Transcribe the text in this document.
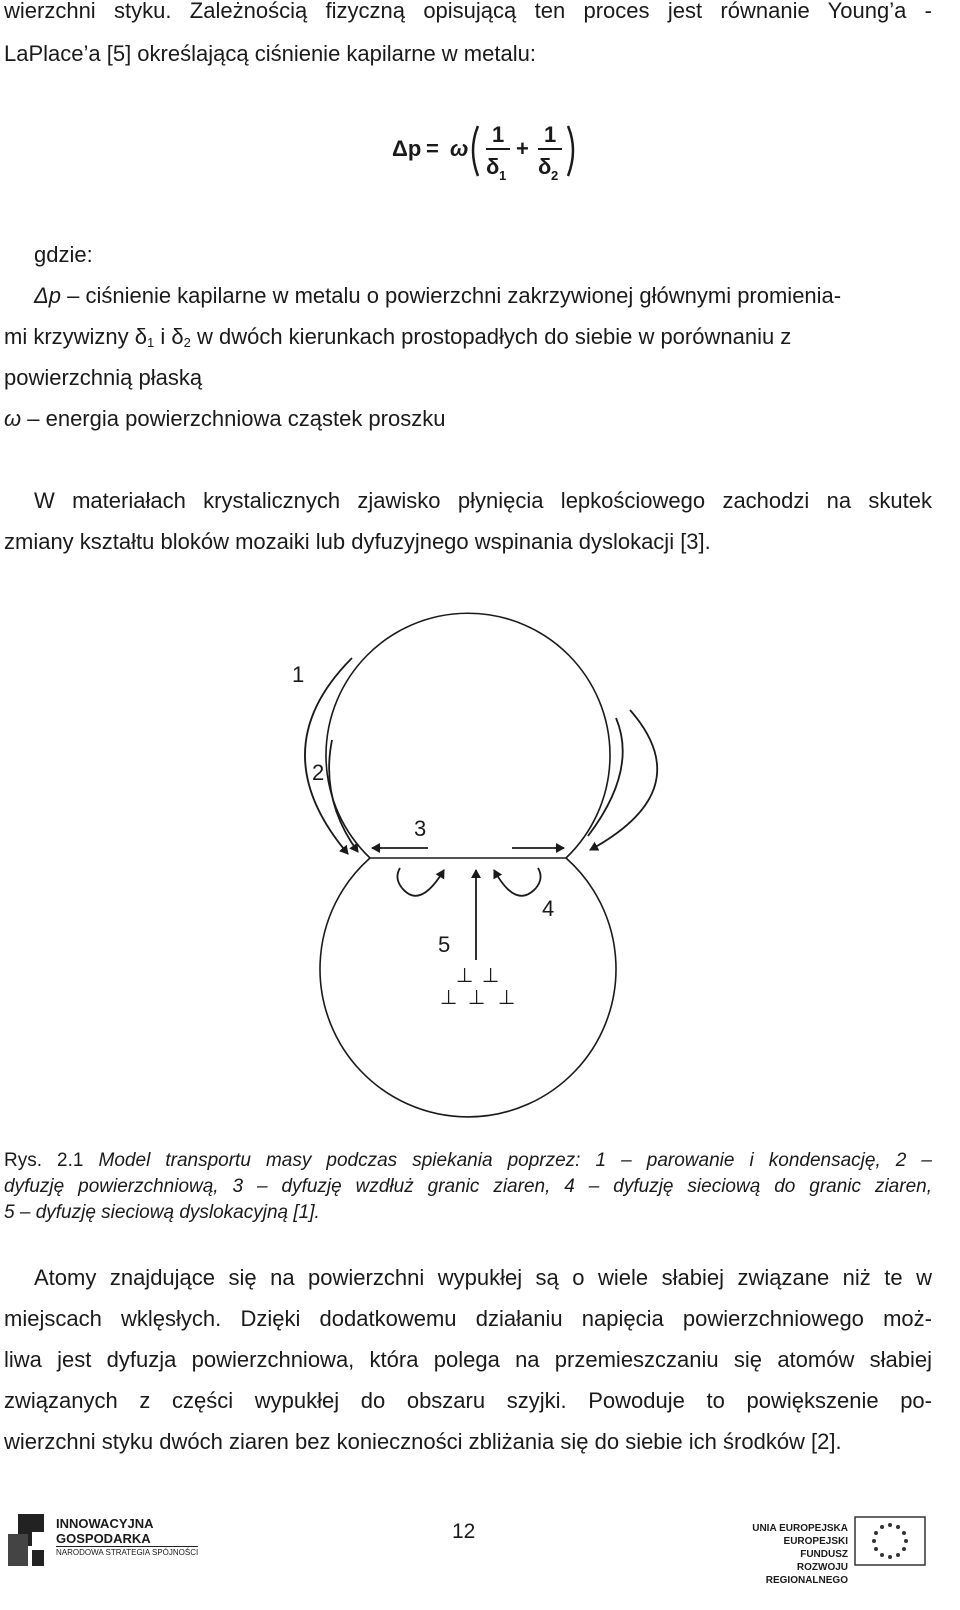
wierzchni styku. Zależnością fizyczną opisującą ten proces jest równanie Young’a -
LaPlace’a [5] określającą ciśnienie kapilarne w metalu:
Δp = ω
1
δ 1
+
1
δ 2
gdzie:
Δp – ciśnienie kapilarne w metalu o powierzchni zakrzywionej głównymi promienia-
mi krzywizny $\delta_1$ i $\delta_2$ w dwóch kierunkach prostopadłych do siebie w porównaniu z
powierzchnią płaską
ω – energia powierzchniowa cząstek proszku
W materiałach krystalicznych zjawisko płynięcia lepkościowego zachodzi na skutek
zmiany kształtu bloków mozaiki lub dyfuzyjnego wspinania dyslokacji [3].
1
2
3
4
5
⊥ ⊥
⊥ ⊥ ⊥
Rys. 2.1 Model transportu masy podczas spiekania poprzez: 1 – parowanie i kondensację, 2 –
dyfuzję powierzchniową, 3 – dyfuzję wzdłuż granic ziaren, 4 – dyfuzję sieciową do granic ziaren,
5 – dyfuzję sieciową dyslokacyjną [1].
Atomy znajdujące się na powierzchni wypukłej są o wiele słabiej związane niż te w
miejscach wklęsłych. Dzięki dodatkowemu działaniu napięcia powierzchniowego moż-
liwa jest dyfuzja powierzchniowa, która polega na przemieszczaniu się atomów słabiej
związanych z części wypukłej do obszaru szyjki. Powoduje to powiększenie po-
wierzchni styku dwóch ziaren bez konieczności zbliżania się do siebie ich środków [2].
INNOWACYJNA
GOSPODARKA
NARODOWA STRATEGIA SPÓJNOŚCI
12	UNIA EUROPEJSKA
EUROPEJSKI FUNDUSZ
ROZWOJU REGIONALNEGO
